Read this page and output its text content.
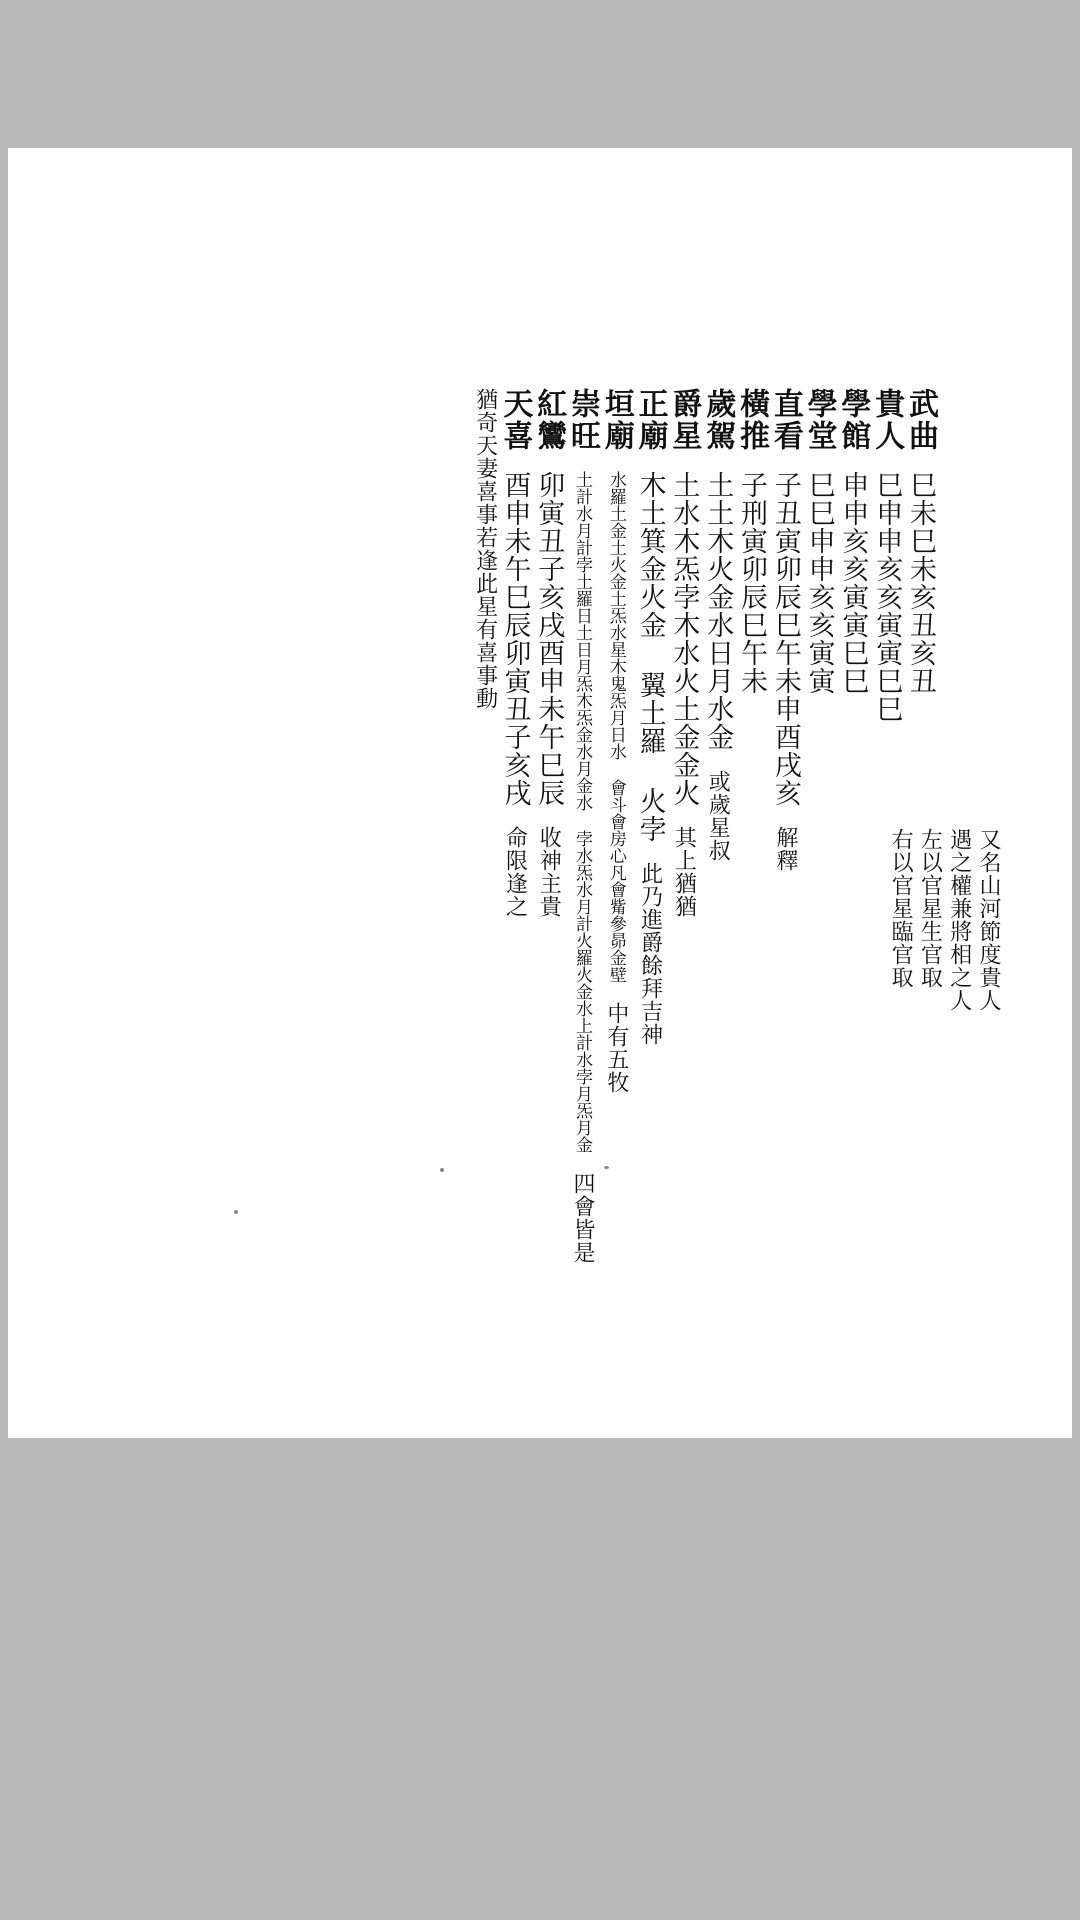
武曲 巳未巳未亥丑亥丑
貴人 巳申申亥亥寅寅巳巳
學館 申申亥亥寅寅巳巳
學堂 巳巳申申亥亥寅寅
直看 子丑寅卯辰巳午未申酉戌亥 解釋
橫推 子刑寅卯辰巳午未
歲駕 土土木火金水日月水金 或歲星叔
爵星 土水木炁孛木水火土金金火 其上猶猶
正廟 木土箕金火金 翼土羅 火孛 此乃進爵餘拜吉神
垣廟 水羅土金土火金土炁水星木鬼炁月日水 會斗會房心凡會觜參昴金壁 中有五牧
崇旺 土計水月計孛土羅日土日月炁木炁金水月金水 孛水炁水月計火羅火金水上計水孛月炁月金 四會皆是
紅鸞 卯寅丑子亥戌酉申未午巳辰 收神主貴
天喜 酉申未午巳辰卯寅丑子亥戌 命限逢之
猶奇天妻喜事若逢此星有喜事動
又名山河節度貴人
遇之權兼將相之人
左以官星生官取
右以官星臨官取
